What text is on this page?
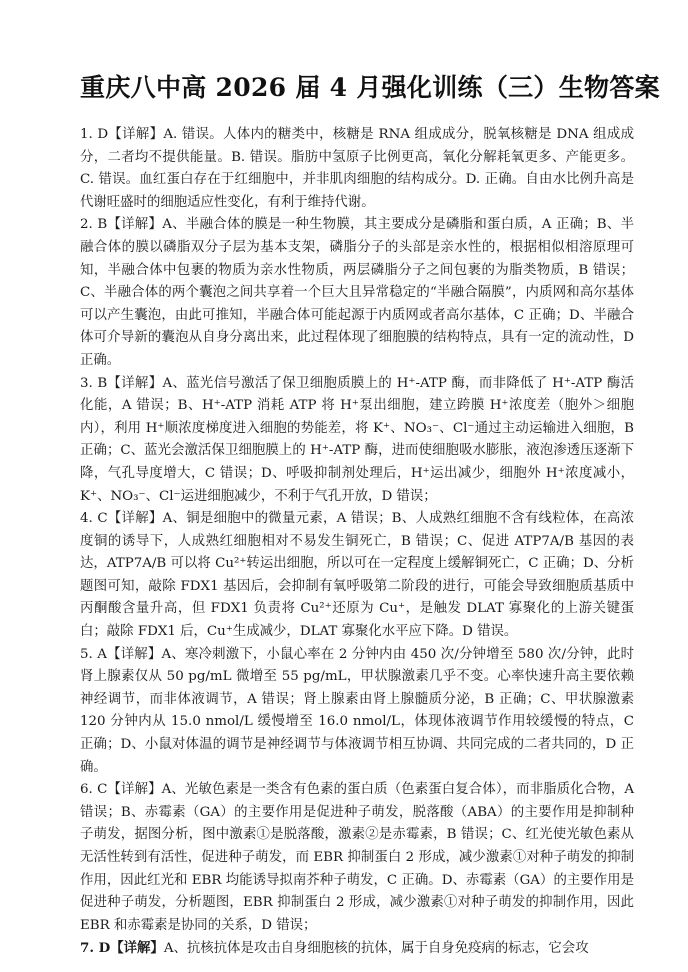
重庆八中高 2026 届 4 月强化训练（三）生物答案

1. D【详解】A. 错误。人体内的糖类中，核糖是 RNA 组成成分，脱氧核糖是 DNA 组成成分，二者均不提供能量。B. 错误。脂肪中氢原子比例更高，氧化分解耗氧更多、产能更多。C. 错误。血红蛋白存在于红细胞中，并非肌肉细胞的结构成分。D. 正确。自由水比例升高是代谢旺盛时的细胞适应性变化，有利于维持代谢。

2. B【详解】A、半融合体的膜是一种生物膜，其主要成分是磷脂和蛋白质，A 正确；B、半融合体的膜以磷脂双分子层为基本支架，磷脂分子的头部是亲水性的，根据相似相溶原理可知，半融合体中包裹的物质为亲水性物质，两层磷脂分子之间包裹的为脂类物质，B 错误；C、半融合体的两个囊泡之间共享着一个巨大且异常稳定的“半融合隔膜”，内质网和高尔基体可以产生囊泡，由此可推知，半融合体可能起源于内质网或者高尔基体，C 正确；D、半融合体可介导新的囊泡从自身分离出来，此过程体现了细胞膜的结构特点，具有一定的流动性，D 正确。

3. B【详解】A、蓝光信号激活了保卫细胞质膜上的 H⁺-ATP 酶，而非降低了 H⁺-ATP 酶活化能，A 错误；B、H⁺-ATP 消耗 ATP 将 H⁺泵出细胞，建立跨膜 H⁺浓度差（胞外＞细胞内），利用 H⁺顺浓度梯度进入细胞的势能差，将 K⁺、NO₃⁻、Cl⁻通过主动运输进入细胞，B 正确；C、蓝光会激活保卫细胞膜上的 H⁺-ATP 酶，进而使细胞吸水膨胀，液泡渗透压逐渐下降，气孔导度增大，C 错误；D、呼吸抑制剂处理后，H⁺运出减少，细胞外 H⁺浓度减小，K⁺、NO₃⁻、Cl⁻运进细胞减少，不利于气孔开放，D 错误；

4. C【详解】A、铜是细胞中的微量元素，A 错误；B、人成熟红细胞不含有线粒体，在高浓度铜的诱导下，人成熟红细胞相对不易发生铜死亡，B 错误；C、促进 ATP7A/B 基因的表达，ATP7A/B 可以将 Cu²⁺转运出细胞，所以可在一定程度上缓解铜死亡，C 正确；D、分析题图可知，敲除 FDX1 基因后，会抑制有氧呼吸第二阶段的进行，可能会导致细胞质基质中丙酮酸含量升高，但 FDX1 负责将 Cu²⁺还原为 Cu⁺，是触发 DLAT 寡聚化的上游关键蛋白；敲除 FDX1 后，Cu⁺生成减少，DLAT 寡聚化水平应下降。D 错误。

5. A【详解】A、寒冷刺激下，小鼠心率在 2 分钟内由 450 次/分钟增至 580 次/分钟，此时肾上腺素仅从 50 pg/mL 微增至 55 pg/mL，甲状腺激素几乎不变。心率快速升高主要依赖神经调节，而非体液调节，A 错误；肾上腺素由肾上腺髓质分泌，B 正确；C、甲状腺激素 120 分钟内从 15.0 nmol/L 缓慢增至 16.0 nmol/L，体现体液调节作用较缓慢的特点，C 正确；D、小鼠对体温的调节是神经调节与体液调节相互协调、共同完成的二者共同的，D 正确。

6. C【详解】A、光敏色素是一类含有色素的蛋白质（色素蛋白复合体），而非脂质化合物，A 错误；B、赤霉素（GA）的主要作用是促进种子萌发，脱落酸（ABA）的主要作用是抑制种子萌发，据图分析，图中激素①是脱落酸，激素②是赤霉素，B 错误；C、红光使光敏色素从无活性转到有活性，促进种子萌发，而 EBR 抑制蛋白 2 形成，减少激素①对种子萌发的抑制作用，因此红光和 EBR 均能诱导拟南芥种子萌发，C 正确。D、赤霉素（GA）的主要作用是促进种子萌发，分析题图，EBR 抑制蛋白 2 形成，减少激素①对种子萌发的抑制作用，因此 EBR 和赤霉素是协同的关系，D 错误；

7. D【详解】A、抗核抗体是攻击自身细胞核的抗体，属于自身免疫病的标志，它会攻
